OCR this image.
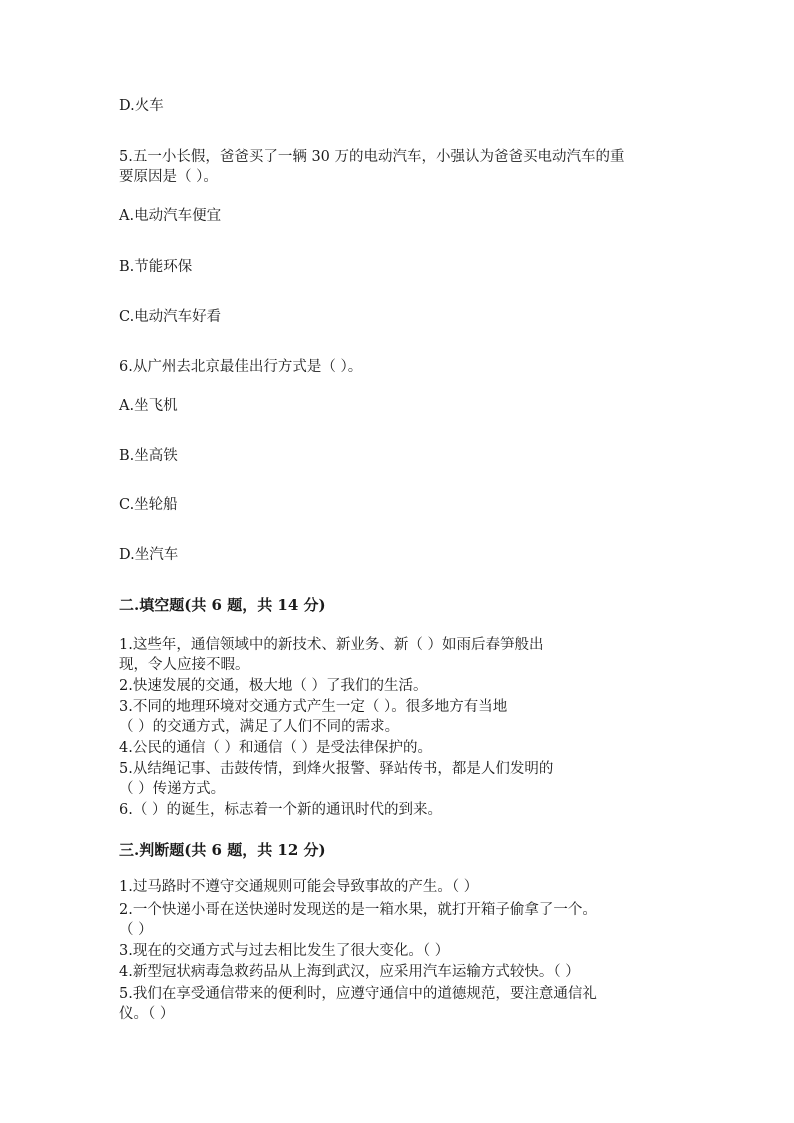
D.火车
5.五一小长假，爸爸买了一辆 30 万的电动汽车，小强认为爸爸买电动汽车的重
要原因是（ ）。
A.电动汽车便宜
B.节能环保
C.电动汽车好看
6.从广州去北京最佳出行方式是（ ）。
A.坐飞机
B.坐高铁
C.坐轮船
D.坐汽车
二.填空题(共 6 题，共 14 分)
1.这些年，通信领域中的新技术、新业务、新（ ）如雨后春笋般出
现，令人应接不暇。
2.快速发展的交通，极大地（ ）了我们的生活。
3.不同的地理环境对交通方式产生一定（ ）。很多地方有当地
（ ）的交通方式，满足了人们不同的需求。
4.公民的通信（ ）和通信（ ）是受法律保护的。
5.从结绳记事、击鼓传情，到烽火报警、驿站传书，都是人们发明的
（ ）传递方式。
6.（ ）的诞生，标志着一个新的通讯时代的到来。
三.判断题(共 6 题，共 12 分)
1.过马路时不遵守交通规则可能会导致事故的产生。（ ）
2.一个快递小哥在送快递时发现送的是一箱水果，就打开箱子偷拿了一个。
（ ）
3.现在的交通方式与过去相比发生了很大变化。（ ）
4.新型冠状病毒急救药品从上海到武汉，应采用汽车运输方式较快。（ ）
5.我们在享受通信带来的便利时，应遵守通信中的道德规范，要注意通信礼
仪。（ ）
